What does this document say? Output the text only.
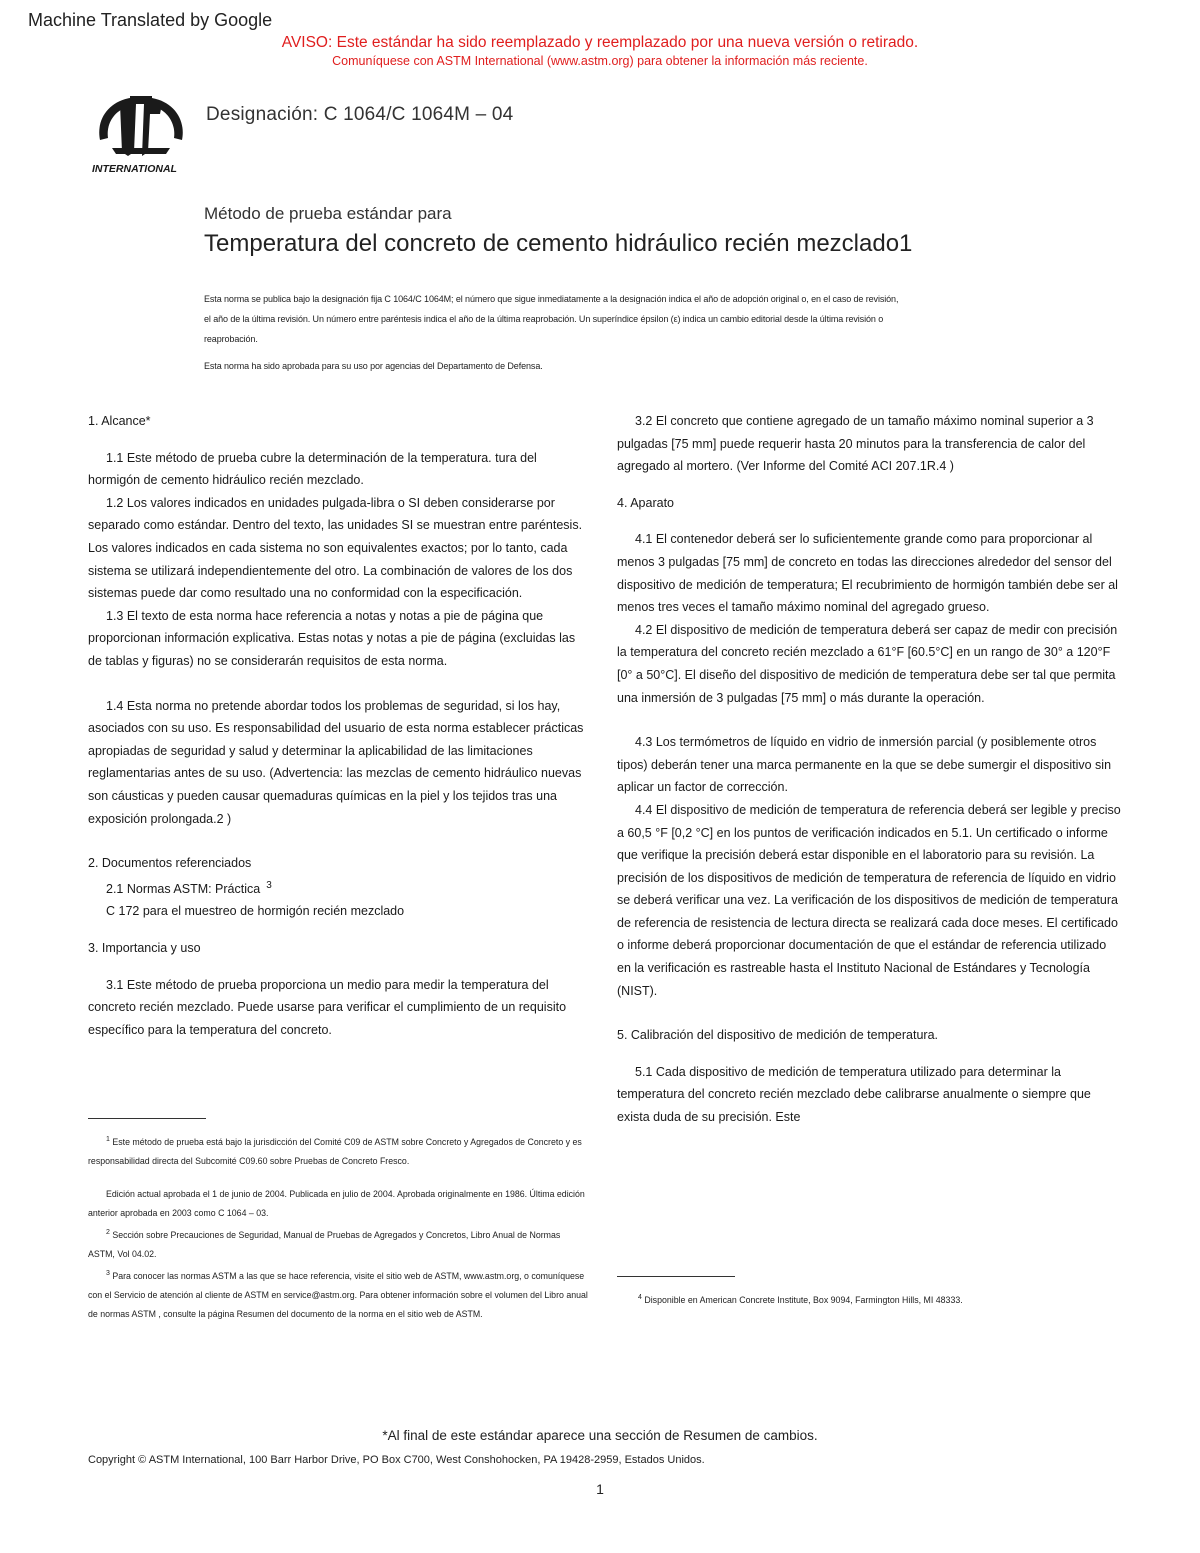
Machine Translated by Google
AVISO: Este estándar ha sido reemplazado y reemplazado por una nueva versión o retirado.
Comuníquese con ASTM International (www.astm.org) para obtener la información más reciente.
INTERNATIONAL
Designación: C 1064/C 1064M – 04
Método de prueba estándar para
Temperatura del concreto de cemento hidráulico recién mezclado1
Esta norma se publica bajo la designación fija C 1064/C 1064M; el número que sigue inmediatamente a la designación indica el año de adopción original o, en el caso de revisión,
el año de la última revisión. Un número entre paréntesis indica el año de la última reaprobación. Un superíndice épsilon (ε) indica un cambio editorial desde la última revisión o
reaprobación.
Esta norma ha sido aprobada para su uso por agencias del Departamento de Defensa.

1. Alcance*

1.1 Este método de prueba cubre la determinación de la temperatura. tura del hormigón de cemento hidráulico recién mezclado.

1.2 Los valores indicados en unidades pulgada-libra o SI deben considerarse por separado como estándar. Dentro del texto, las unidades SI se muestran entre paréntesis. Los valores indicados en cada sistema no son equivalentes exactos; por lo tanto, cada sistema se utilizará independientemente del otro. La combinación de valores de los dos sistemas puede dar como resultado una no conformidad con la especificación.

1.3 El texto de esta norma hace referencia a notas y notas a pie de página que proporcionan información explicativa. Estas notas y notas a pie de página (excluidas las de tablas y figuras) no se considerarán requisitos de esta norma.

1.4 Esta norma no pretende abordar todos los problemas de seguridad, si los hay, asociados con su uso. Es responsabilidad del usuario de esta norma establecer prácticas apropiadas de seguridad y salud y determinar la aplicabilidad de las limitaciones reglamentarias antes de su uso. (Advertencia: las mezclas de cemento hidráulico nuevas son cáusticas y pueden causar quemaduras químicas en la piel y los tejidos tras una exposición prolongada.2 )

2. Documentos referenciados

2.1 Normas ASTM: Práctica $^3$

C 172 para el muestreo de hormigón recién mezclado

3. Importancia y uso

3.1 Este método de prueba proporciona un medio para medir la temperatura del concreto recién mezclado. Puede usarse para verificar el cumplimiento de un requisito específico para la temperatura del concreto.

3.2 El concreto que contiene agregado de un tamaño máximo nominal superior a 3 pulgadas [75 mm] puede requerir hasta 20 minutos para la transferencia de calor del agregado al mortero. (Ver Informe del Comité ACI 207.1R.4 )

4. Aparato

4.1 El contenedor deberá ser lo suficientemente grande como para proporcionar al menos 3 pulgadas [75 mm] de concreto en todas las direcciones alrededor del sensor del dispositivo de medición de temperatura; El recubrimiento de hormigón también debe ser al menos tres veces el tamaño máximo nominal del agregado grueso.

4.2 El dispositivo de medición de temperatura deberá ser capaz de medir con precisión la temperatura del concreto recién mezclado a 61°F [60.5°C] en un rango de 30° a 120°F [0° a 50°C]. El diseño del dispositivo de medición de temperatura debe ser tal que permita una inmersión de 3 pulgadas [75 mm] o más durante la operación.

4.3 Los termómetros de líquido en vidrio de inmersión parcial (y posiblemente otros tipos) deberán tener una marca permanente en la que se debe sumergir el dispositivo sin aplicar un factor de corrección.

4.4 El dispositivo de medición de temperatura de referencia deberá ser legible y preciso a 60,5 °F [0,2 °C] en los puntos de verificación indicados en 5.1. Un certificado o informe que verifique la precisión deberá estar disponible en el laboratorio para su revisión. La precisión de los dispositivos de medición de temperatura de referencia de líquido en vidrio se deberá verificar una vez. La verificación de los dispositivos de medición de temperatura de referencia de resistencia de lectura directa se realizará cada doce meses. El certificado o informe deberá proporcionar documentación de que el estándar de referencia utilizado en la verificación es rastreable hasta el Instituto Nacional de Estándares y Tecnología (NIST).

5. Calibración del dispositivo de medición de temperatura.

5.1 Cada dispositivo de medición de temperatura utilizado para determinar la temperatura del concreto recién mezclado debe calibrarse anualmente o siempre que exista duda de su precisión. Este

$^1$ Este método de prueba está bajo la jurisdicción del Comité C09 de ASTM sobre Concreto y Agregados de Concreto y es responsabilidad directa del Subcomité C09.60 sobre Pruebas de Concreto Fresco.
Edición actual aprobada el 1 de junio de 2004. Publicada en julio de 2004. Aprobada originalmente en 1986. Última edición anterior aprobada en 2003 como C 1064 – 03.
$^2$ Sección sobre Precauciones de Seguridad, Manual de Pruebas de Agregados y Concretos, Libro Anual de Normas ASTM, Vol 04.02.
$^3$ Para conocer las normas ASTM a las que se hace referencia, visite el sitio web de ASTM, www.astm.org, o comuníquese con el Servicio de atención al cliente de ASTM en service@astm.org. Para obtener información sobre el volumen del Libro anual de normas ASTM , consulte la página Resumen del documento de la norma en el sitio web de ASTM.
$^4$ Disponible en American Concrete Institute, Box 9094, Farmington Hills, MI 48333.
*Al final de este estándar aparece una sección de Resumen de cambios.
Copyright © ASTM International, 100 Barr Harbor Drive, PO Box C700, West Conshohocken, PA 19428-2959, Estados Unidos.
1
